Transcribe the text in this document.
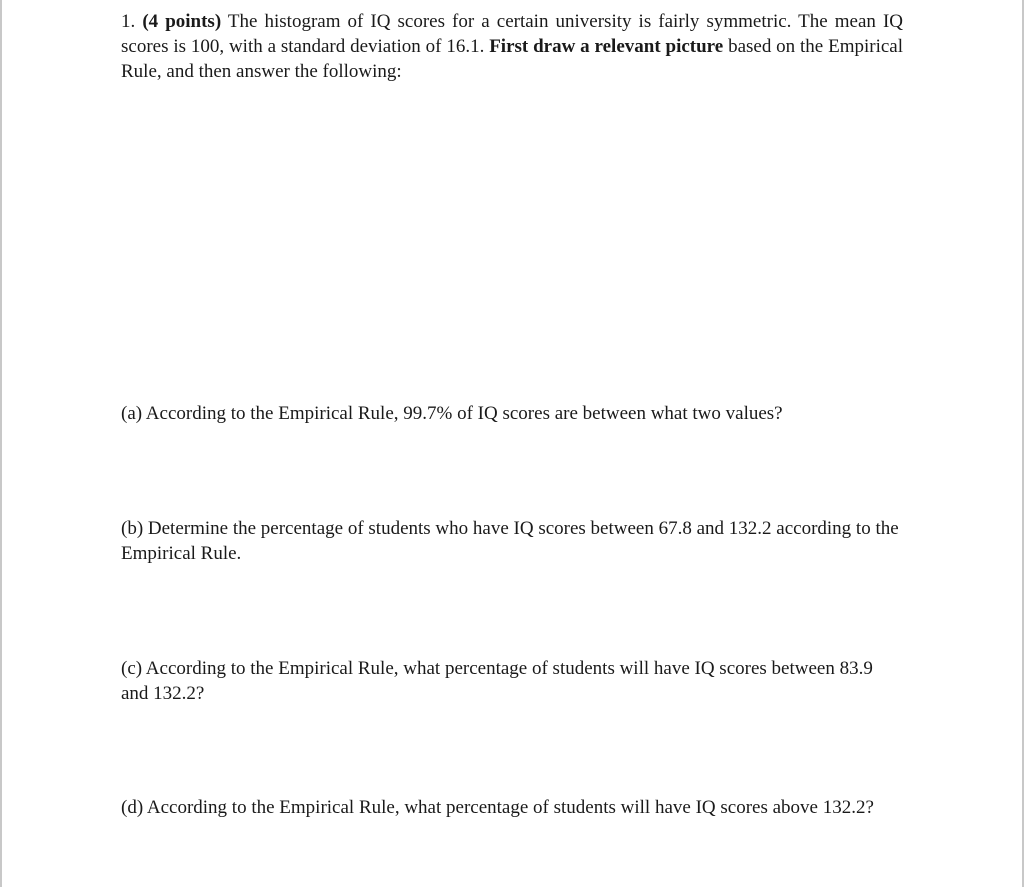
1. (4 points) The histogram of IQ scores for a certain university is fairly symmetric. The mean IQ scores is 100, with a standard deviation of 16.1. First draw a relevant picture based on the Empirical Rule, and then answer the following:

(a) According to the Empirical Rule, 99.7% of IQ scores are between what two values?

(b) Determine the percentage of students who have IQ scores between 67.8 and 132.2 according to the Empirical Rule.

(c) According to the Empirical Rule, what percentage of students will have IQ scores between 83.9 and 132.2?

(d) According to the Empirical Rule, what percentage of students will have IQ scores above 132.2?
